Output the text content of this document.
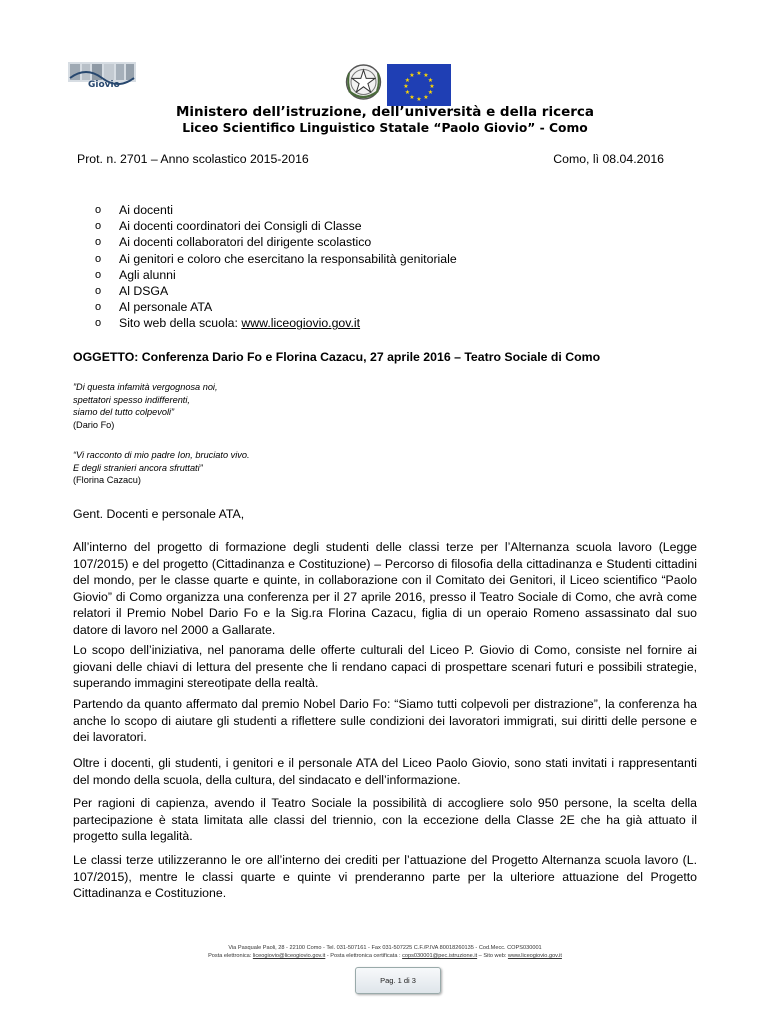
Giovio
★ ★
★
★
★
★
★
★
★
★
★
★
Ministero dell’istruzione, dell’università e della ricerca
Liceo Scientifico Linguistico Statale “Paolo Giovio” - Como
Prot. n. 2701 – Anno scolastico 2015-2016	Como, lì 08.04.2016
o Ai docenti
o Ai docenti coordinatori dei Consigli di Classe
o Ai docenti collaboratori del dirigente scolastico
o Ai genitori e coloro che esercitano la responsabilità genitoriale
o Agli alunni
o Al DSGA
o Al personale ATA
o Sito web della scuola: www.liceogiovio.gov.it
OGGETTO: Conferenza Dario Fo e Florina Cazacu, 27 aprile 2016 – Teatro Sociale di Como
”Di questa infamità vergognosa noi,
spettatori spesso indifferenti,
siamo del tutto colpevoli”
(Dario Fo)
“Vi racconto di mio padre Ion, bruciato vivo.
E degli stranieri ancora sfruttati”
(Florina Cazacu)
Gent. Docenti e personale ATA,
All’interno del progetto di formazione degli studenti delle classi terze per l’Alternanza scuola lavoro (Legge 107/2015) e del progetto (Cittadinanza e Costituzione) – Percorso di filosofia della cittadinanza e Studenti cittadini del mondo, per le classe quarte e quinte, in collaborazione con il Comitato dei Genitori, il Liceo scientifico “Paolo Giovio” di Como organizza una conferenza per il 27 aprile 2016, presso il Teatro Sociale di Como, che avrà come relatori il Premio Nobel Dario Fo e la Sig.ra Florina Cazacu, figlia di un operaio Romeno assassinato dal suo datore di lavoro nel 2000 a Gallarate.
Lo scopo dell’iniziativa, nel panorama delle offerte culturali del Liceo P. Giovio di Como, consiste nel fornire ai giovani delle chiavi di lettura del presente che li rendano capaci di prospettare scenari futuri e possibili strategie, superando immagini stereotipate della realtà.
Partendo da quanto affermato dal premio Nobel Dario Fo: “Siamo tutti colpevoli per distrazione”, la conferenza ha anche lo scopo di aiutare gli studenti a riflettere sulle condizioni dei lavoratori immigrati, sui diritti delle persone e dei lavoratori.
Oltre i docenti, gli studenti, i genitori e il personale ATA del Liceo Paolo Giovio, sono stati invitati i rappresentanti del mondo della scuola, della cultura, del sindacato e dell’informazione.
Per ragioni di capienza, avendo il Teatro Sociale la possibilità di accogliere solo 950 persone, la scelta della partecipazione è stata limitata alle classi del triennio, con la eccezione della Classe 2E che ha già attuato il progetto sulla legalità.
Le classi terze utilizzeranno le ore all’interno dei crediti per l’attuazione del Progetto Alternanza scuola lavoro (L. 107/2015), mentre le classi quarte e quinte vi prenderanno parte per la ulteriore attuazione del Progetto Cittadinanza e Costituzione.
Via Pasquale Paoli, 28 - 22100 Como - Tel. 031-507161 - Fax 031-507225 C.F./P.IVA 80018260135 - Cod.Mecc. COPS030001
Posta elettronica: liceogiovio@liceogiovio.gov.it - Posta elettronica certificata : cops030001@pec.istruzione.it – Sito web: www.liceogiovio.gov.it
Pag. 1 di 3
